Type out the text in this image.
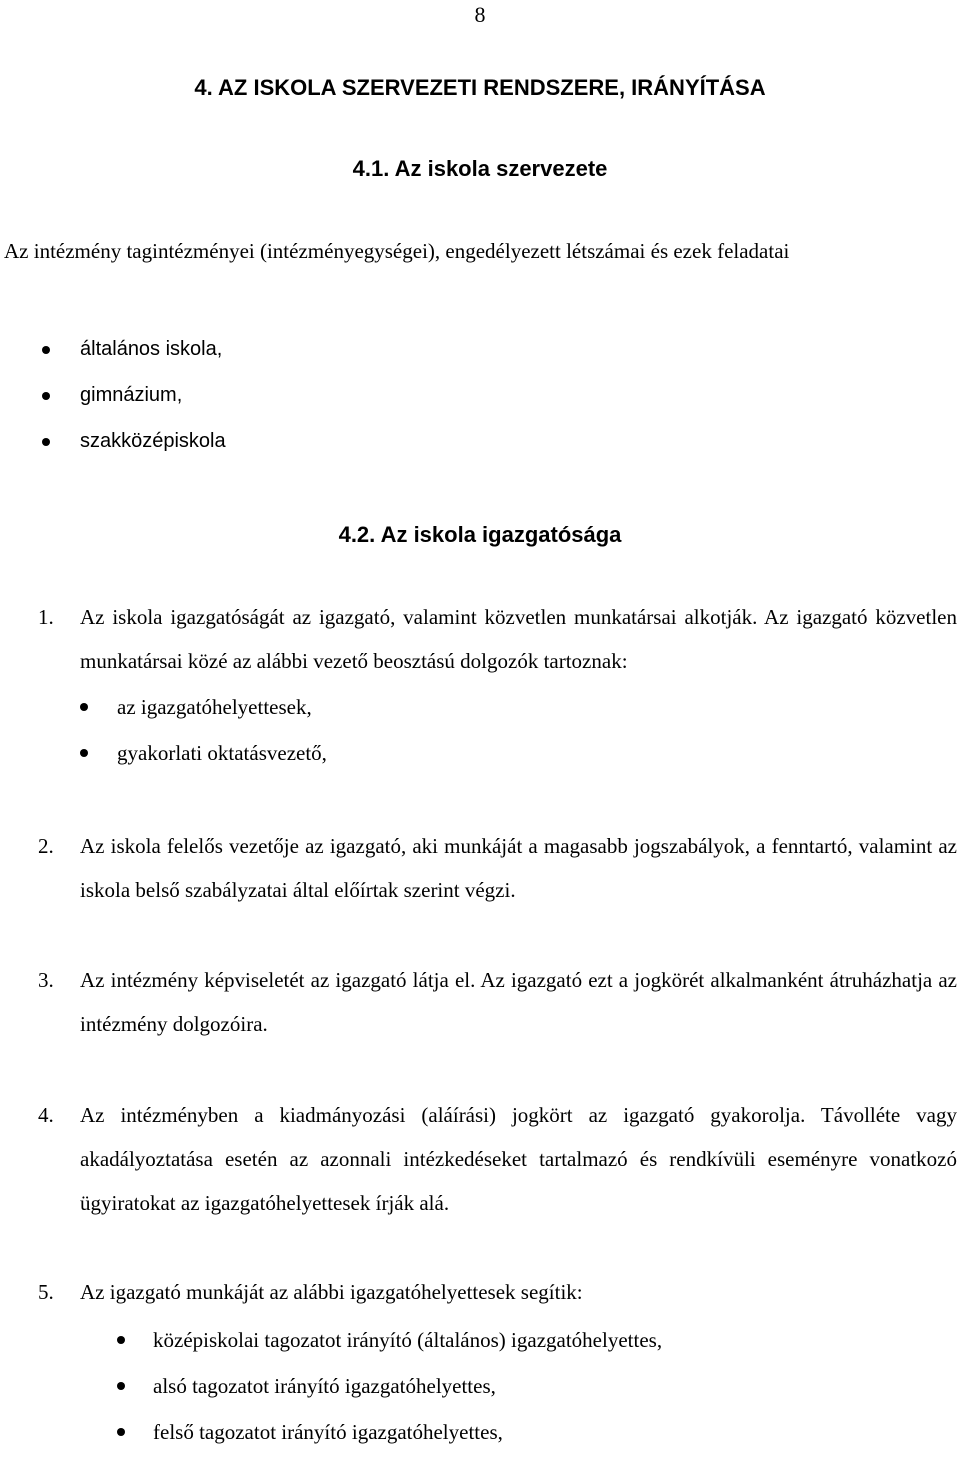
8
4. AZ ISKOLA SZERVEZETI RENDSZERE, IRÁNYÍTÁSA
4.1. Az iskola szervezete
Az intézmény tagintézményei (intézményegységei), engedélyezett létszámai és ezek feladatai
általános iskola,
gimnázium,
szakközépiskola
4.2. Az iskola igazgatósága
1. Az iskola igazgatóságát az igazgató, valamint közvetlen munkatársai alkotják. Az igazgató közvetlen munkatársai közé az alábbi vezető beosztású dolgozók tartoznak:
az igazgatóhelyettesek,
gyakorlati oktatásvezető,
2. Az iskola felelős vezetője az igazgató, aki munkáját a magasabb jogszabályok, a fenntartó, valamint az iskola belső szabályzatai által előírtak szerint végzi.
3. Az intézmény képviseletét az igazgató látja el. Az igazgató ezt a jogkörét alkalmanként átruházhatja az intézmény dolgozóira.
4. Az intézményben a kiadmányozási (aláírási) jogkört az igazgató gyakorolja. Távolléte vagy akadályoztatása esetén az azonnali intézkedéseket tartalmazó és rendkívüli eseményre vonatkozó ügyiratokat az igazgatóhelyettesek írják alá.
5. Az igazgató munkáját az alábbi igazgatóhelyettesek segítik:
középiskolai tagozatot irányító (általános) igazgatóhelyettes,
alsó tagozatot irányító igazgatóhelyettes,
felső tagozatot irányító igazgatóhelyettes,
